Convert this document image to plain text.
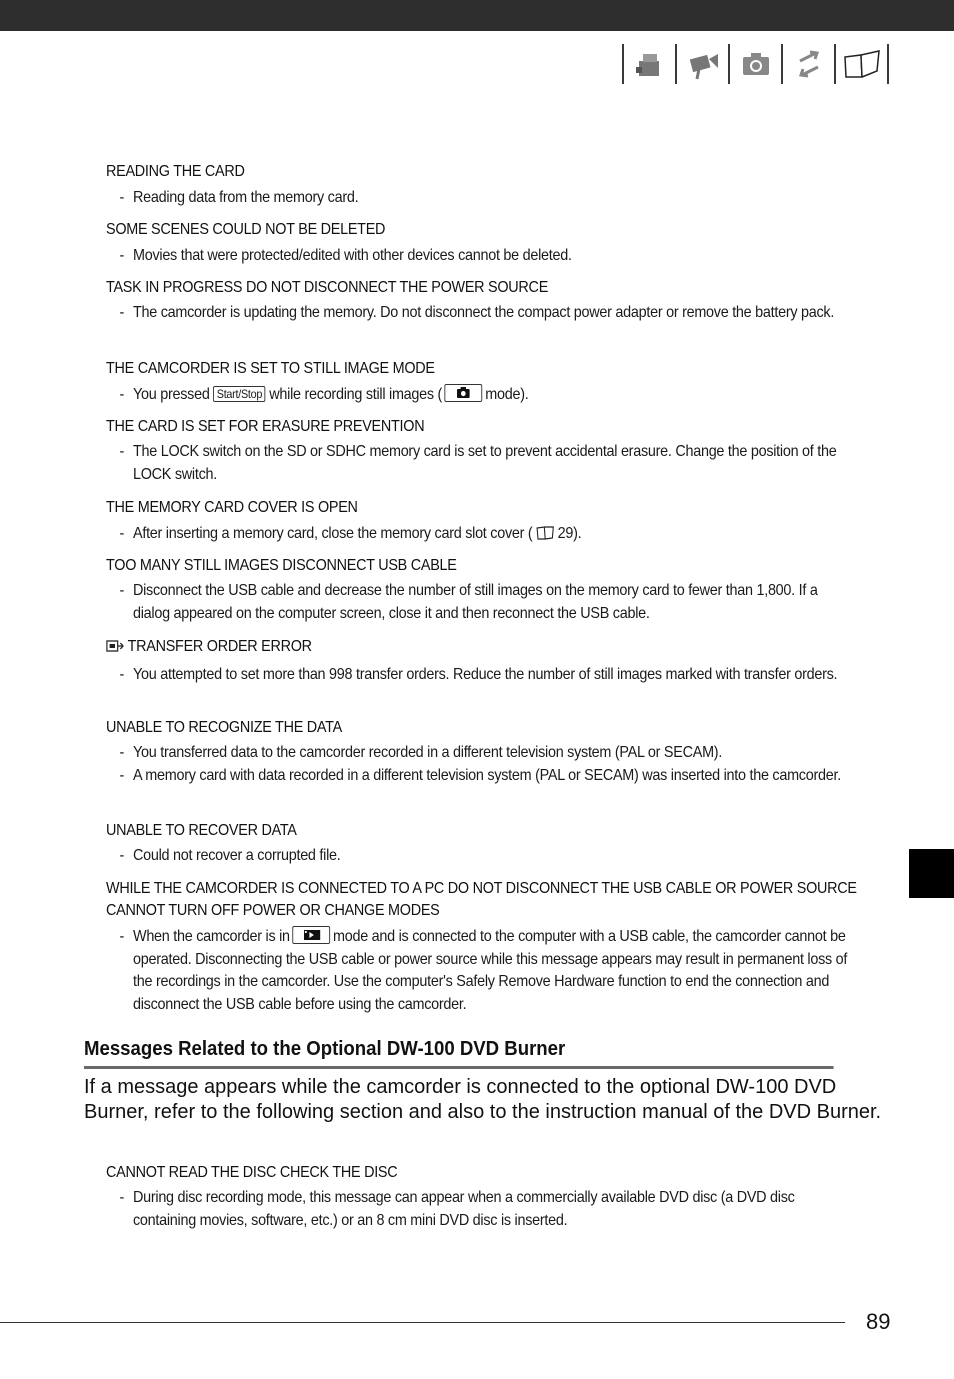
READING THE CARD
- Reading data from the memory card.
SOME SCENES COULD NOT BE DELETED
- Movies that were protected/edited with other devices cannot be deleted.
TASK IN PROGRESS DO NOT DISCONNECT THE POWER SOURCE
- The camcorder is updating the memory. Do not disconnect the compact power adapter or remove the battery pack.
THE CAMCORDER IS SET TO STILL IMAGE MODE
- You pressed Start/Stop while recording still images (	mode).
THE CARD IS SET FOR ERASURE PREVENTION
- The LOCK switch on the SD or SDHC memory card is set to prevent accidental erasure. Change the position of the LOCK switch.
THE MEMORY CARD COVER IS OPEN
- After inserting a memory card, close the memory card slot cover ( 29).
TOO MANY STILL IMAGES DISCONNECT USB CABLE
- Disconnect the USB cable and decrease the number of still images on the memory card to fewer than 1,800. If a dialog appeared on the computer screen, close it and then reconnect the USB cable.
TRANSFER ORDER ERROR
- You attempted to set more than 998 transfer orders. Reduce the number of still images marked with transfer orders.
UNABLE TO RECOGNIZE THE DATA
- You transferred data to the camcorder recorded in a different television system (PAL or SECAM).
- A memory card with data recorded in a different television system (PAL or SECAM) was inserted into the camcorder.
UNABLE TO RECOVER DATA
- Could not recover a corrupted file.
WHILE THE CAMCORDER IS CONNECTED TO A PC DO NOT DISCONNECT THE USB CABLE OR POWER SOURCE
CANNOT TURN OFF POWER OR CHANGE MODES
- When the camcorder is in	mode and is connected to the computer with a USB cable, the camcorder cannot be operated. Disconnecting the USB cable or power source while this message appears may result in permanent loss of the recordings in the camcorder. Use the computer's Safely Remove Hardware function to end the connection and disconnect the USB cable before using the camcorder.
Messages Related to the Optional DW-100 DVD Burner
If a message appears while the camcorder is connected to the optional DW-100 DVD Burner, refer to the following section and also to the instruction manual of the DVD Burner.
CANNOT READ THE DISC CHECK THE DISC
- During disc recording mode, this message can appear when a commercially available DVD disc (a DVD disc containing movies, software, etc.) or an 8 cm mini DVD disc is inserted.
89
